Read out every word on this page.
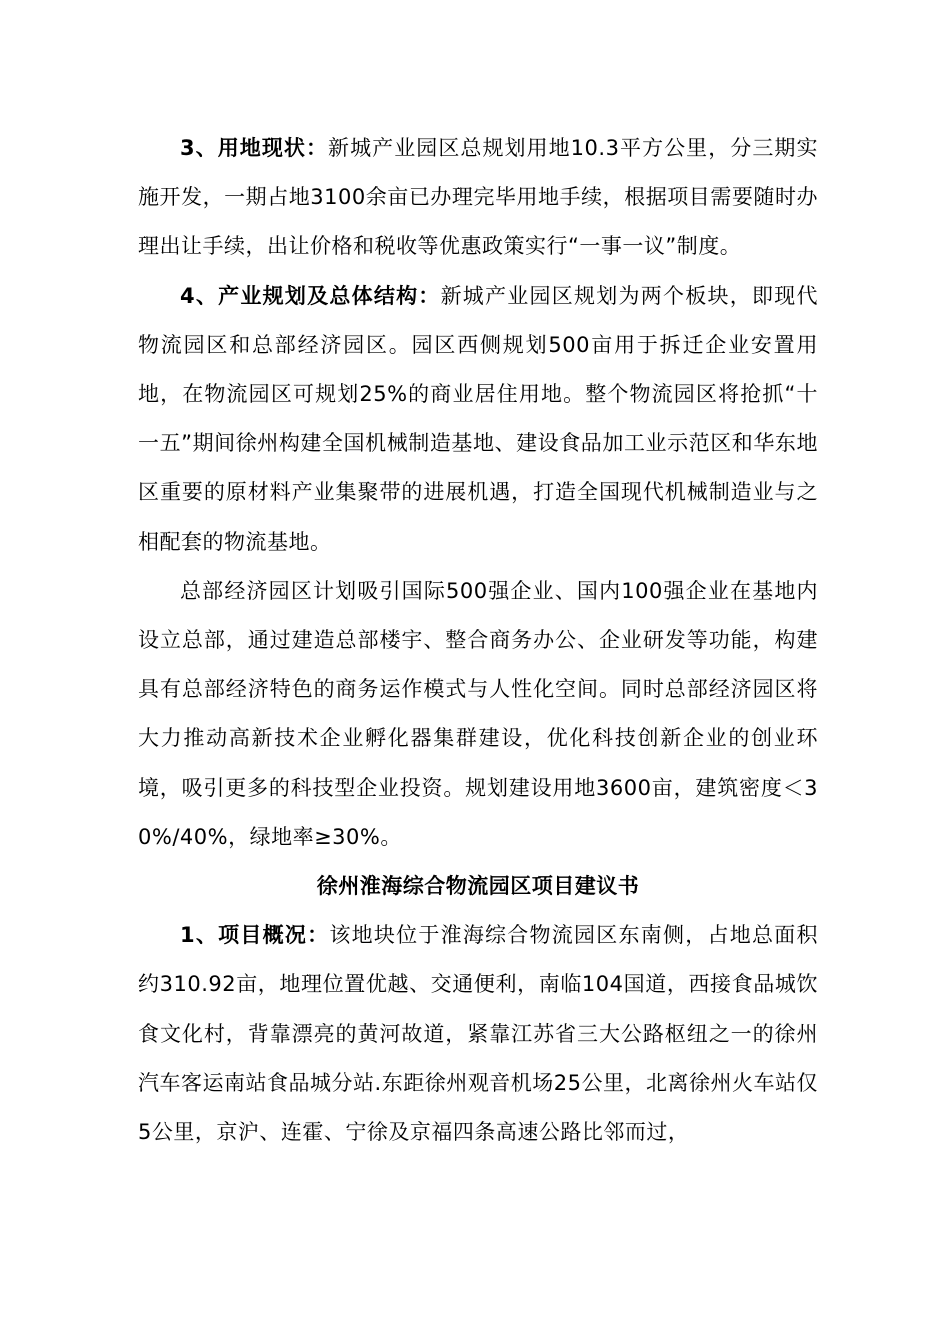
3、用地现状：新城产业园区总规划用地10.3平方公里，分三期实施开发，一期占地3100余亩已办理完毕用地手续，根据项目需要随时办理出让手续，出让价格和税收等优惠政策实行“一事一议”制度。

4、产业规划及总体结构：新城产业园区规划为两个板块，即现代物流园区和总部经济园区。园区西侧规划500亩用于拆迁企业安置用地，在物流园区可规划25%的商业居住用地。整个物流园区将抢抓“十一五”期间徐州构建全国机械制造基地、建设食品加工业示范区和华东地区重要的原材料产业集聚带的进展机遇，打造全国现代机械制造业与之相配套的物流基地。

总部经济园区计划吸引国际500强企业、国内100强企业在基地内设立总部，通过建造总部楼宇、整合商务办公、企业研发等功能，构建具有总部经济特色的商务运作模式与人性化空间。同时总部经济园区将大力推动高新技术企业孵化器集群建设，优化科技创新企业的创业环境，吸引更多的科技型企业投资。规划建设用地3600亩，建筑密度＜30%/40%，绿地率≥30%。

徐州淮海综合物流园区项目建议书

1、项目概况：该地块位于淮海综合物流园区东南侧，占地总面积约310.92亩，地理位置优越、交通便利，南临104国道，西接食品城饮食文化村，背靠漂亮的黄河故道，紧靠江苏省三大公路枢纽之一的徐州汽车客运南站食品城分站.东距徐州观音机场25公里，北离徐州火车站仅5公里，京沪、连霍、宁徐及京福四条高速公路比邻而过，
